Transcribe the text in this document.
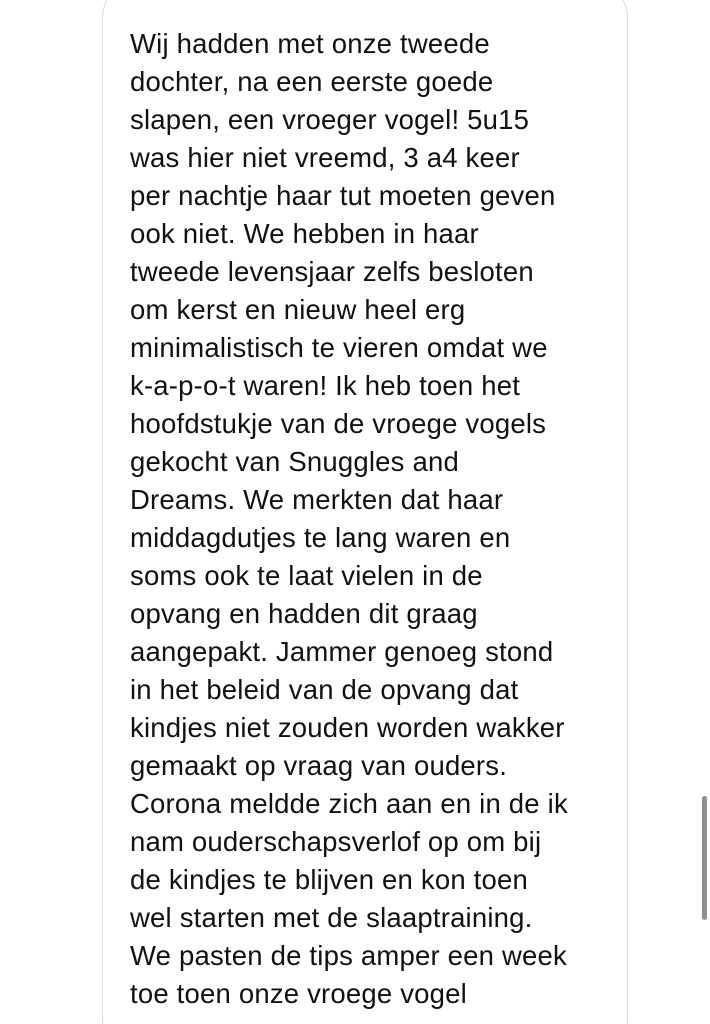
Wij hadden met onze tweede
dochter, na een eerste goede
slapen, een vroeger vogel! 5u15
was hier niet vreemd, 3 a4 keer
per nachtje haar tut moeten geven
ook niet. We hebben in haar
tweede levensjaar zelfs besloten
om kerst en nieuw heel erg
minimalistisch te vieren omdat we
k-a-p-o-t waren! Ik heb toen het
hoofdstukje van de vroege vogels
gekocht van Snuggles and
Dreams. We merkten dat haar
middagdutjes te lang waren en
soms ook te laat vielen in de
opvang en hadden dit graag
aangepakt. Jammer genoeg stond
in het beleid van de opvang dat
kindjes niet zouden worden wakker
gemaakt op vraag van ouders.
Corona meldde zich aan en in de ik
nam ouderschapsverlof op om bij
de kindjes te blijven en kon toen
wel starten met de slaaptraining.
We pasten de tips amper een week
toe toen onze vroege vogel
